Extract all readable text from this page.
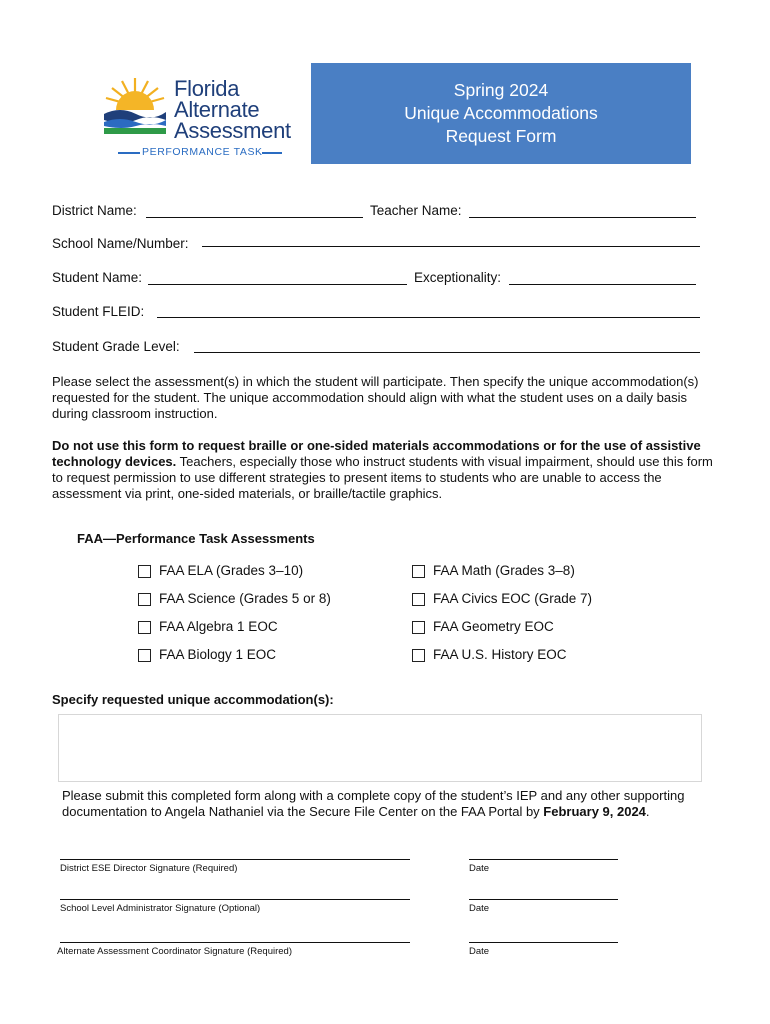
Florida
Alternate
Assessment
PERFORMANCE TASK
Spring 2024
Unique Accommodations
Request Form
District Name:	Teacher Name:
School Name/Number:
Student Name:	Exceptionality:
Student FLEID:
Student Grade Level:
Please select the assessment(s) in which the student will participate. Then specify the unique accommodation(s) requested for the student. The unique accommodation should align with what the student uses on a daily basis during classroom instruction.
Do not use this form to request braille or one-sided materials accommodations or for the use of assistive technology devices. Teachers, especially those who instruct students with visual impairment, should use this form to request permission to use different strategies to present items to students who are unable to access the assessment via print, one-sided materials, or braille/tactile graphics.
FAA—Performance Task Assessments
FAA ELA (Grades 3–10)	FAA Math (Grades 3–8)
FAA Science (Grades 5 or 8)	FAA Civics EOC (Grade 7)
FAA Algebra 1 EOC	FAA Geometry EOC
FAA Biology 1 EOC	FAA U.S. History EOC
Specify requested unique accommodation(s):
Please submit this completed form along with a complete copy of the student’s IEP and any other supporting documentation to Angela Nathaniel via the Secure File Center on the FAA Portal by February 9, 2024.
District ESE Director Signature (Required)	Date
School Level Administrator Signature (Optional)	Date
Alternate Assessment Coordinator Signature (Required)	Date
